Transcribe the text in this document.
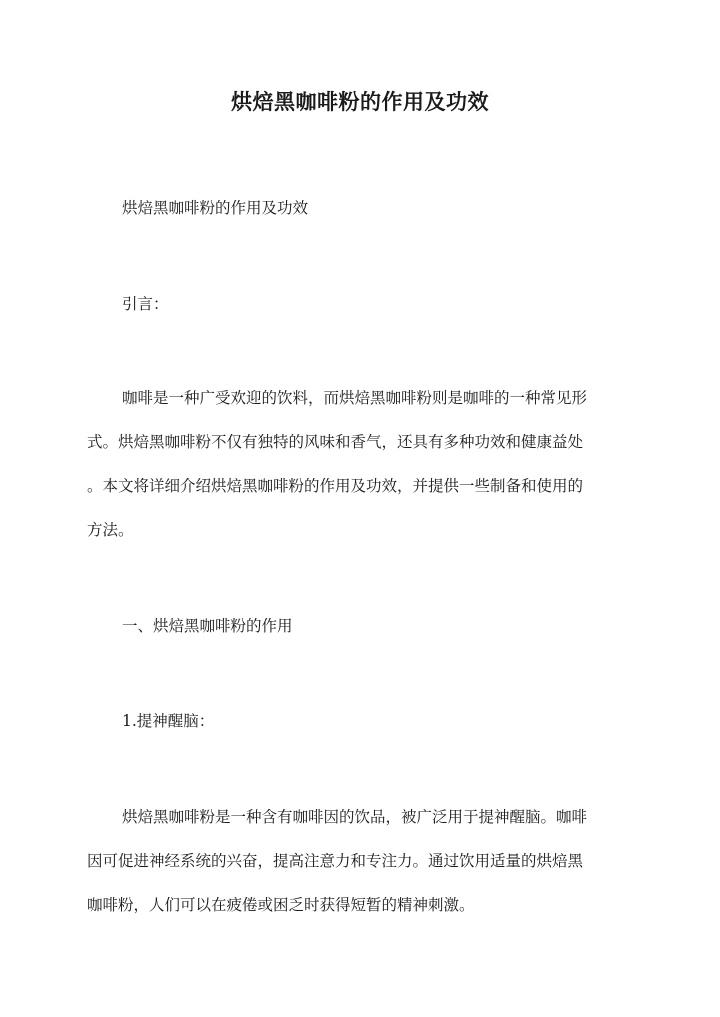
烘焙黑咖啡粉的作用及功效
烘焙黑咖啡粉的作用及功效
引言：
咖啡是一种广受欢迎的饮料，而烘焙黑咖啡粉则是咖啡的一种常见形
式。烘焙黑咖啡粉不仅有独特的风味和香气，还具有多种功效和健康益处
。本文将详细介绍烘焙黑咖啡粉的作用及功效，并提供一些制备和使用的
方法。
一、烘焙黑咖啡粉的作用
1.提神醒脑：
烘焙黑咖啡粉是一种含有咖啡因的饮品，被广泛用于提神醒脑。咖啡
因可促进神经系统的兴奋，提高注意力和专注力。通过饮用适量的烘焙黑
咖啡粉，人们可以在疲倦或困乏时获得短暂的精神刺激。
